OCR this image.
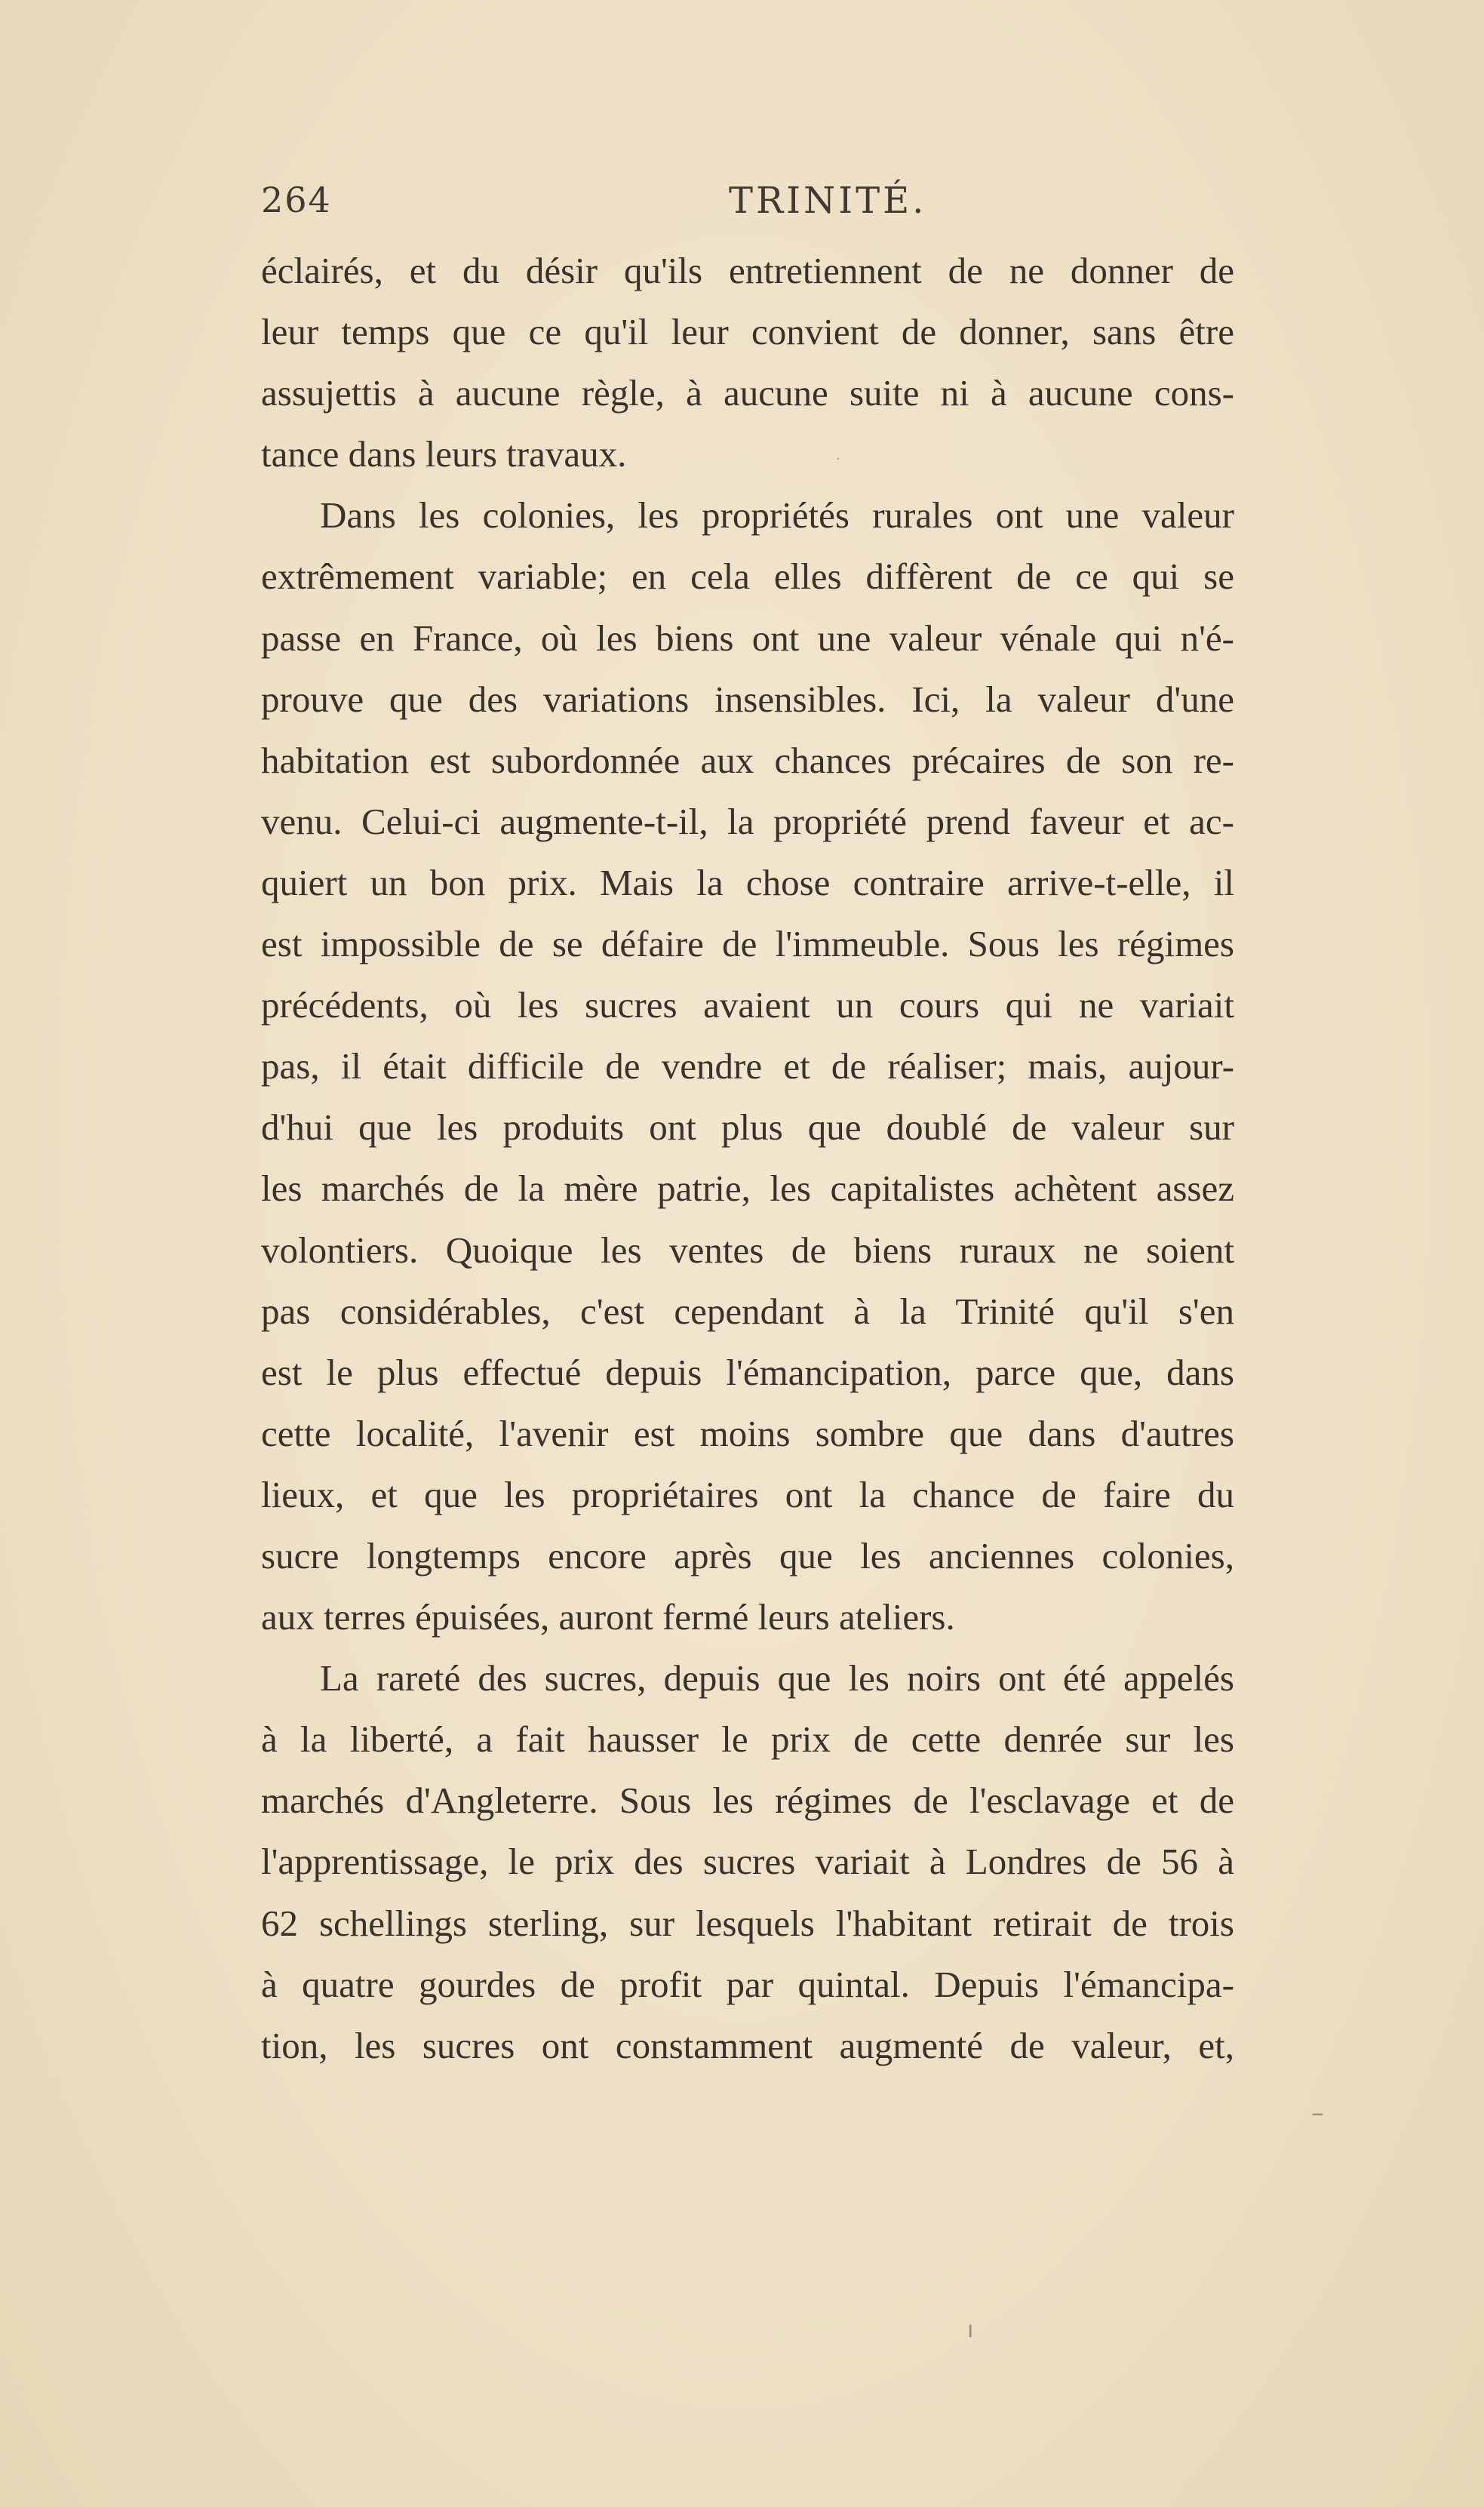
264	TRINITÉ.
éclairés, et du désir qu'ils entretiennent de ne donner de
leur temps que ce qu'il leur convient de donner, sans être
assujettis à aucune règle, à aucune suite ni à aucune cons-
tance dans leurs travaux.
Dans les colonies, les propriétés rurales ont une valeur
extrêmement variable; en cela elles diffèrent de ce qui se
passe en France, où les biens ont une valeur vénale qui n'é-
prouve que des variations insensibles. Ici, la valeur d'une
habitation est subordonnée aux chances précaires de son re-
venu. Celui-ci augmente-t-il, la propriété prend faveur et ac-
quiert un bon prix. Mais la chose contraire arrive-t-elle, il
est impossible de se défaire de l'immeuble. Sous les régimes
précédents, où les sucres avaient un cours qui ne variait
pas, il était difficile de vendre et de réaliser; mais, aujour-
d'hui que les produits ont plus que doublé de valeur sur
les marchés de la mère patrie, les capitalistes achètent assez
volontiers. Quoique les ventes de biens ruraux ne soient
pas considérables, c'est cependant à la Trinité qu'il s'en
est le plus effectué depuis l'émancipation, parce que, dans
cette localité, l'avenir est moins sombre que dans d'autres
lieux, et que les propriétaires ont la chance de faire du
sucre longtemps encore après que les anciennes colonies,
aux terres épuisées, auront fermé leurs ateliers.
La rareté des sucres, depuis que les noirs ont été appelés
à la liberté, a fait hausser le prix de cette denrée sur les
marchés d'Angleterre. Sous les régimes de l'esclavage et de
l'apprentissage, le prix des sucres variait à Londres de 56 à
62 schellings sterling, sur lesquels l'habitant retirait de trois
à quatre gourdes de profit par quintal. Depuis l'émancipa-
tion, les sucres ont constamment augmenté de valeur, et,
·
–
ı
